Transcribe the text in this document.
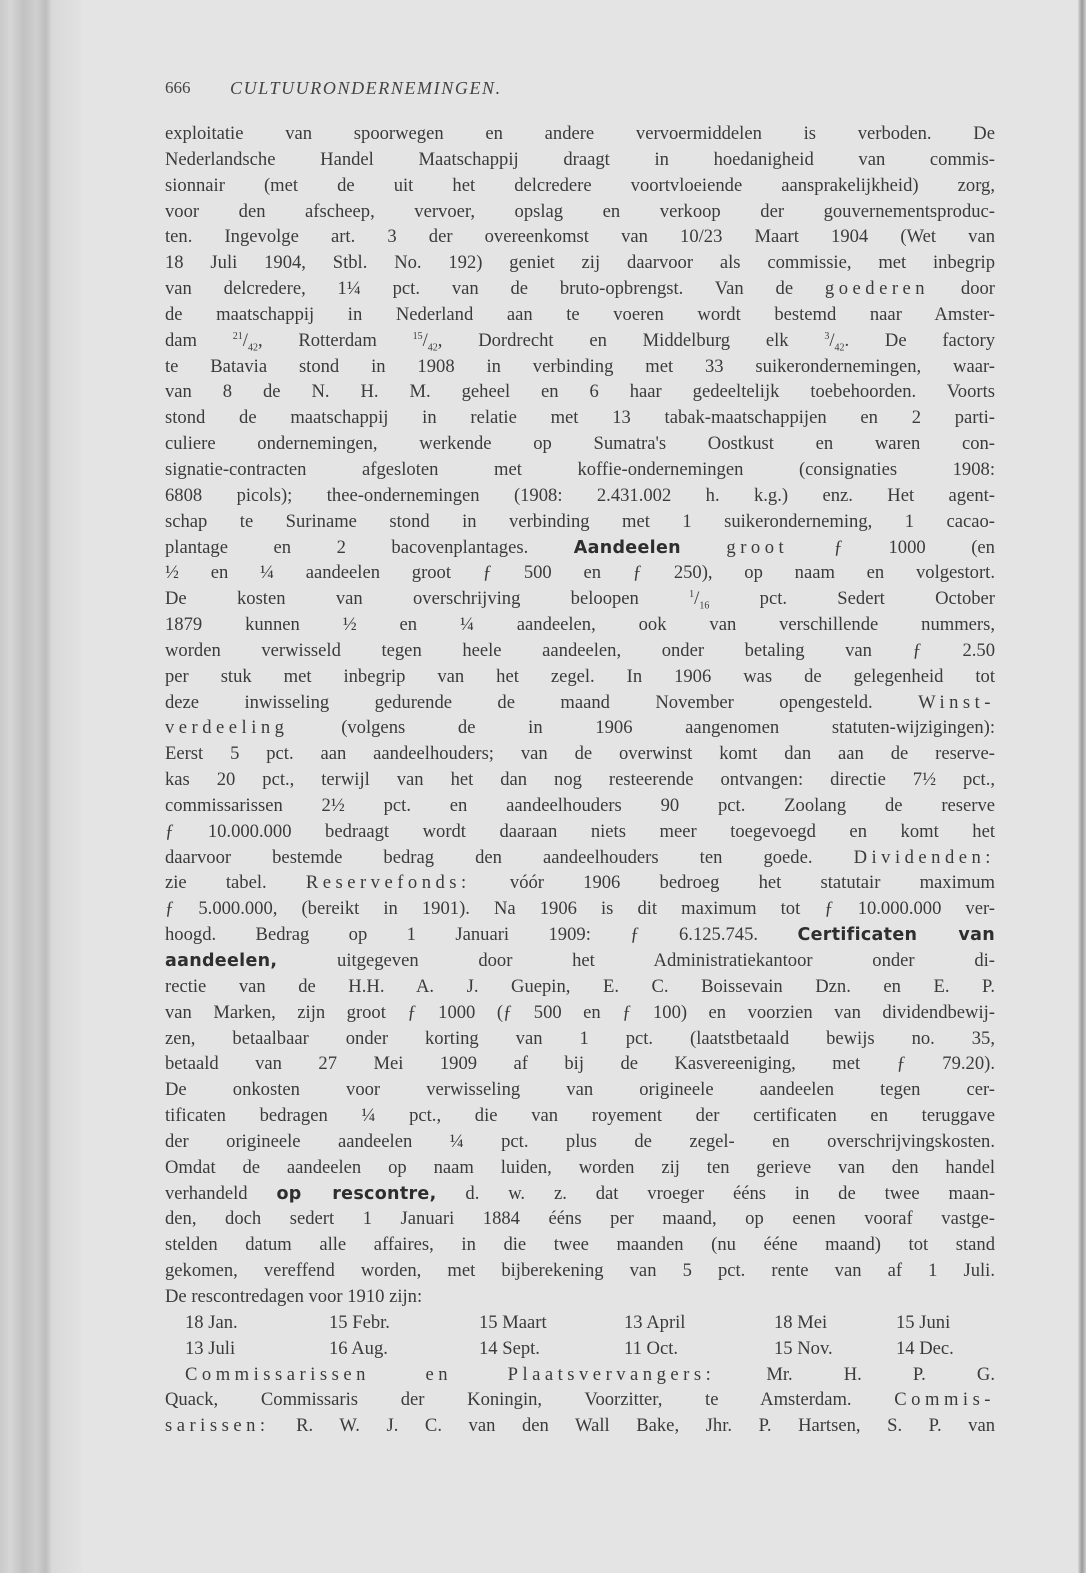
666 CULTUURONDERNEMINGEN.
exploitatie van spoorwegen en andere vervoermiddelen is verboden. De
Nederlandsche Handel Maatschappij draagt in hoedanigheid van commis-
sionnair (met de uit het delcredere voortvloeiende aansprakelijkheid) zorg,
voor den afscheep, vervoer, opslag en verkoop der gouvernementsproduc-
ten. Ingevolge art. 3 der overeenkomst van 10/23 Maart 1904 (Wet van
18 Juli 1904, Stbl. No. 192) geniet zij daarvoor als commissie, met inbegrip
van delcredere, 1¼ pct. van de bruto-opbrengst. Van de goederen door
de maatschappij in Nederland aan te voeren wordt bestemd naar Amster-
dam	$^{21}/_{42}$, Rotterdam	$^{15}/_{42}$, Dordrecht en Middelburg elk	$^3/_{42}$. De factory
te Batavia stond in 1908 in verbinding met 33 suikerondernemingen, waar-
van 8 de N. H. M. geheel en 6 haar gedeeltelijk toebehoorden. Voorts
stond de maatschappij in relatie met 13 tabak-maatschappijen en 2 parti-
culiere ondernemingen, werkende op Sumatra's Oostkust en waren con-
signatie-contracten afgesloten met koffie-ondernemingen (consignaties 1908:
6808 picols); thee-ondernemingen (1908: 2.431.002 h. k.g.) enz. Het agent-
schap te Suriname stond in verbinding met 1 suikeronderneming, 1 cacao-
plantage en 2 bacovenplantages.	Aandeelen groot ƒ 1000 (en
½ en ¼ aandeelen groot ƒ 500 en ƒ 250), op naam en volgestort.
De kosten van overschrijving beloopen	$^1/_{16}$	pct. Sedert October
1879 kunnen ½ en ¼ aandeelen, ook van verschillende nummers,
worden verwisseld tegen heele aandeelen, onder betaling van ƒ 2.50
per stuk met inbegrip van het zegel. In 1906 was de gelegenheid tot
deze inwisseling gedurende de maand November opengesteld. Winst-
verdeeling	(volgens de in 1906 aangenomen statuten-wijzigingen):
Eerst 5 pct. aan aandeelhouders; van de overwinst komt dan aan de reserve-
kas 20 pct., terwijl van het dan nog resteerende ontvangen: directie 7½ pct.,
commissarissen 2½ pct. en aandeelhouders 90 pct. Zoolang de reserve
ƒ 10.000.000 bedraagt wordt daaraan niets meer toegevoegd en komt het
daarvoor bestemde bedrag den aandeelhouders ten goede. Dividenden:
zie tabel. Reservefonds: vóór 1906 bedroeg het statutair maximum
ƒ 5.000.000, (bereikt in 1901). Na 1906 is dit maximum tot ƒ 10.000.000 ver-
hoogd. Bedrag op 1 Januari 1909: ƒ 6.125.745. Certificaten van
aandeelen,	uitgegeven door het Administratiekantoor onder di-
rectie van de H.H. A. J. Guepin, E. C. Boissevain Dzn. en E. P.
van Marken, zijn groot ƒ 1000 (ƒ 500 en ƒ 100) en voorzien van dividendbewij-
zen, betaalbaar onder korting van 1 pct. (laatstbetaald bewijs no. 35,
betaald van 27 Mei 1909 af bij de Kasvereeniging, met ƒ 79.20).
De onkosten voor verwisseling van origineele aandeelen tegen cer-
tificaten bedragen ¼ pct., die van royement der certificaten en teruggave
der origineele aandeelen ¼ pct. plus de zegel- en overschrijvingskosten.
Omdat de aandeelen op naam luiden, worden zij ten gerieve van den handel
verhandeld op rescontre, d. w. z. dat vroeger ééns in de twee maan-
den, doch sedert 1 Januari 1884 ééns per maand, op eenen vooraf vastge-
stelden datum alle affaires, in die twee maanden (nu ééne maand) tot stand
gekomen, vereffend worden, met bijberekening van 5 pct. rente van af 1 Juli.
De rescontredagen voor 1910 zijn:
18 Jan.	15 Febr.	15 Maart	13 April	18 Mei	15 Juni
13 Juli	16 Aug.	14 Sept.	11 Oct.	15 Nov.	14 Dec.
Commissarissen en Plaatsvervangers:	Mr. H. P. G.
Quack, Commissaris der Koningin, Voorzitter, te Amsterdam. Commis-
sarissen: R. W. J. C. van den Wall Bake, Jhr. P. Hartsen, S. P. van
